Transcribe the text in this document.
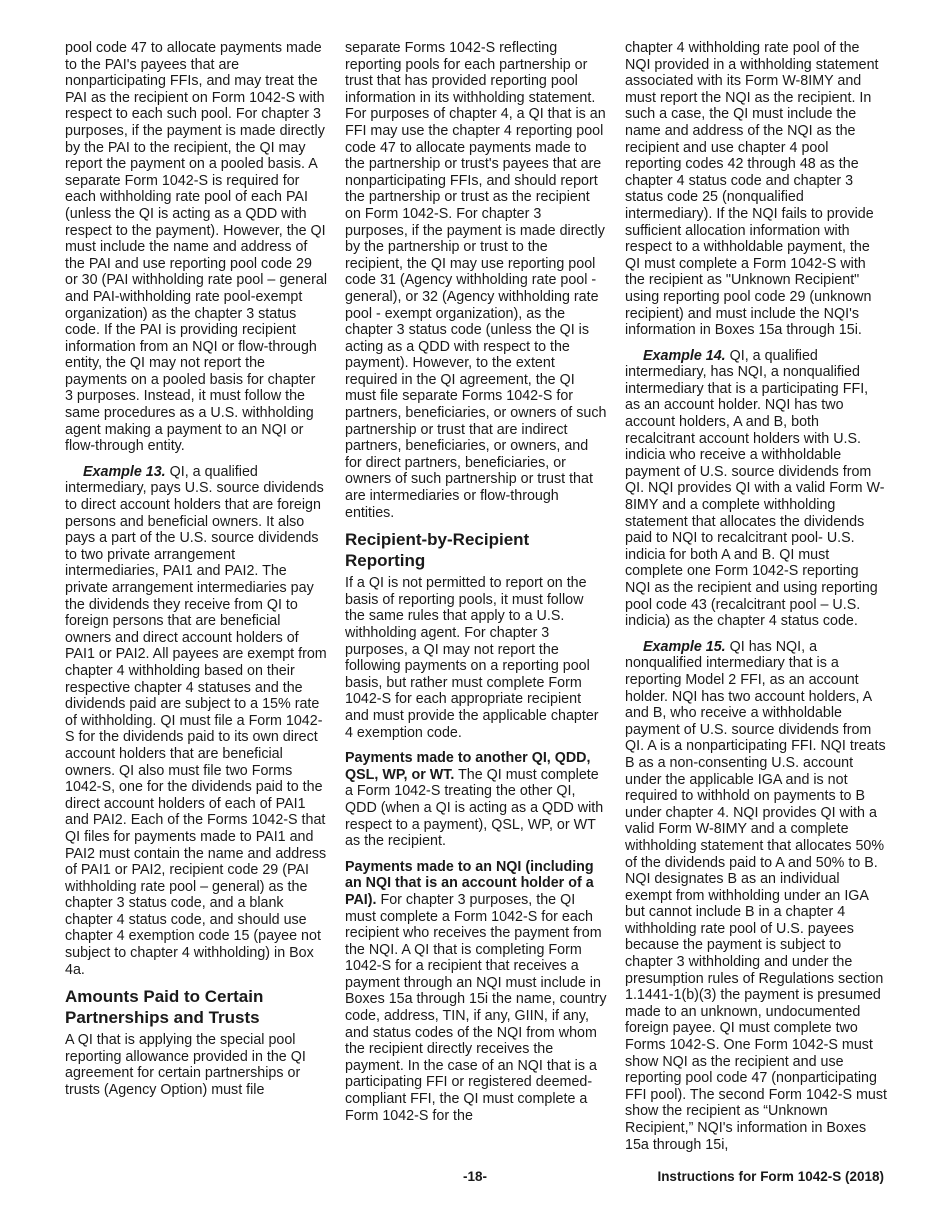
pool code 47 to allocate payments made to the PAI's payees that are nonparticipating FFIs, and may treat the PAI as the recipient on Form 1042-S with respect to each such pool. For chapter 3 purposes, if the payment is made directly by the PAI to the recipient, the QI may report the payment on a pooled basis. A separate Form 1042-S is required for each withholding rate pool of each PAI (unless the QI is acting as a QDD with respect to the payment). However, the QI must include the name and address of the PAI and use reporting pool code 29 or 30 (PAI withholding rate pool – general and PAI-withholding rate pool-exempt organization) as the chapter 3 status code. If the PAI is providing recipient information from an NQI or flow-through entity, the QI may not report the payments on a pooled basis for chapter 3 purposes. Instead, it must follow the same procedures as a U.S. withholding agent making a payment to an NQI or flow-through entity.

Example 13. QI, a qualified intermediary, pays U.S. source dividends to direct account holders that are foreign persons and beneficial owners. It also pays a part of the U.S. source dividends to two private arrangement intermediaries, PAI1 and PAI2. The private arrangement intermediaries pay the dividends they receive from QI to foreign persons that are beneficial owners and direct account holders of PAI1 or PAI2. All payees are exempt from chapter 4 withholding based on their respective chapter 4 statuses and the dividends paid are subject to a 15% rate of withholding. QI must file a Form 1042-S for the dividends paid to its own direct account holders that are beneficial owners. QI also must file two Forms 1042-S, one for the dividends paid to the direct account holders of each of PAI1 and PAI2. Each of the Forms 1042-S that QI files for payments made to PAI1 and PAI2 must contain the name and address of PAI1 or PAI2, recipient code 29 (PAI withholding rate pool – general) as the chapter 3 status code, and a blank chapter 4 status code, and should use chapter 4 exemption code 15 (payee not subject to chapter 4 withholding) in Box 4a.

Amounts Paid to Certain Partnerships and Trusts

A QI that is applying the special pool reporting allowance provided in the QI agreement for certain partnerships or trusts (Agency Option) must file

separate Forms 1042-S reflecting reporting pools for each partnership or trust that has provided reporting pool information in its withholding statement. For purposes of chapter 4, a QI that is an FFI may use the chapter 4 reporting pool code 47 to allocate payments made to the partnership or trust's payees that are nonparticipating FFIs, and should report the partnership or trust as the recipient on Form 1042-S. For chapter 3 purposes, if the payment is made directly by the partnership or trust to the recipient, the QI may use reporting pool code 31 (Agency withholding rate pool - general), or 32 (Agency withholding rate pool - exempt organization), as the chapter 3 status code (unless the QI is acting as a QDD with respect to the payment). However, to the extent required in the QI agreement, the QI must file separate Forms 1042-S for partners, beneficiaries, or owners of such partnership or trust that are indirect partners, beneficiaries, or owners, and for direct partners, beneficiaries, or owners of such partnership or trust that are intermediaries or flow-through entities.

Recipient-by-Recipient Reporting

If a QI is not permitted to report on the basis of reporting pools, it must follow the same rules that apply to a U.S. withholding agent. For chapter 3 purposes, a QI may not report the following payments on a reporting pool basis, but rather must complete Form 1042-S for each appropriate recipient and must provide the applicable chapter 4 exemption code.

Payments made to another QI, QDD, QSL, WP, or WT. The QI must complete a Form 1042-S treating the other QI, QDD (when a QI is acting as a QDD with respect to a payment), QSL, WP, or WT as the recipient.

Payments made to an NQI (including an NQI that is an account holder of a PAI). For chapter 3 purposes, the QI must complete a Form 1042-S for each recipient who receives the payment from the NQI. A QI that is completing Form 1042-S for a recipient that receives a payment through an NQI must include in Boxes 15a through 15i the name, country code, address, TIN, if any, GIIN, if any, and status codes of the NQI from whom the recipient directly receives the payment. In the case of an NQI that is a participating FFI or registered deemed-compliant FFI, the QI must complete a Form 1042-S for the

chapter 4 withholding rate pool of the NQI provided in a withholding statement associated with its Form W-8IMY and must report the NQI as the recipient. In such a case, the QI must include the name and address of the NQI as the recipient and use chapter 4 pool reporting codes 42 through 48 as the chapter 4 status code and chapter 3 status code 25 (nonqualified intermediary). If the NQI fails to provide sufficient allocation information with respect to a withholdable payment, the QI must complete a Form 1042-S with the recipient as "Unknown Recipient" using reporting pool code 29 (unknown recipient) and must include the NQI's information in Boxes 15a through 15i.

Example 14. QI, a qualified intermediary, has NQI, a nonqualified intermediary that is a participating FFI, as an account holder. NQI has two account holders, A and B, both recalcitrant account holders with U.S. indicia who receive a withholdable payment of U.S. source dividends from QI. NQI provides QI with a valid Form W-8IMY and a complete withholding statement that allocates the dividends paid to NQI to recalcitrant pool- U.S. indicia for both A and B. QI must complete one Form 1042-S reporting NQI as the recipient and using reporting pool code 43 (recalcitrant pool – U.S. indicia) as the chapter 4 status code.

Example 15. QI has NQI, a nonqualified intermediary that is a reporting Model 2 FFI, as an account holder. NQI has two account holders, A and B, who receive a withholdable payment of U.S. source dividends from QI. A is a nonparticipating FFI. NQI treats B as a non-consenting U.S. account under the applicable IGA and is not required to withhold on payments to B under chapter 4. NQI provides QI with a valid Form W-8IMY and a complete withholding statement that allocates 50% of the dividends paid to A and 50% to B. NQI designates B as an individual exempt from withholding under an IGA but cannot include B in a chapter 4 withholding rate pool of U.S. payees because the payment is subject to chapter 3 withholding and under the presumption rules of Regulations section 1.1441-1(b)(3) the payment is presumed made to an unknown, undocumented foreign payee. QI must complete two Forms 1042-S. One Form 1042-S must show NQI as the recipient and use reporting pool code 47 (nonparticipating FFI pool). The second Form 1042-S must show the recipient as “Unknown Recipient,” NQI's information in Boxes 15a through 15i,

-18-	Instructions for Form 1042-S (2018)
